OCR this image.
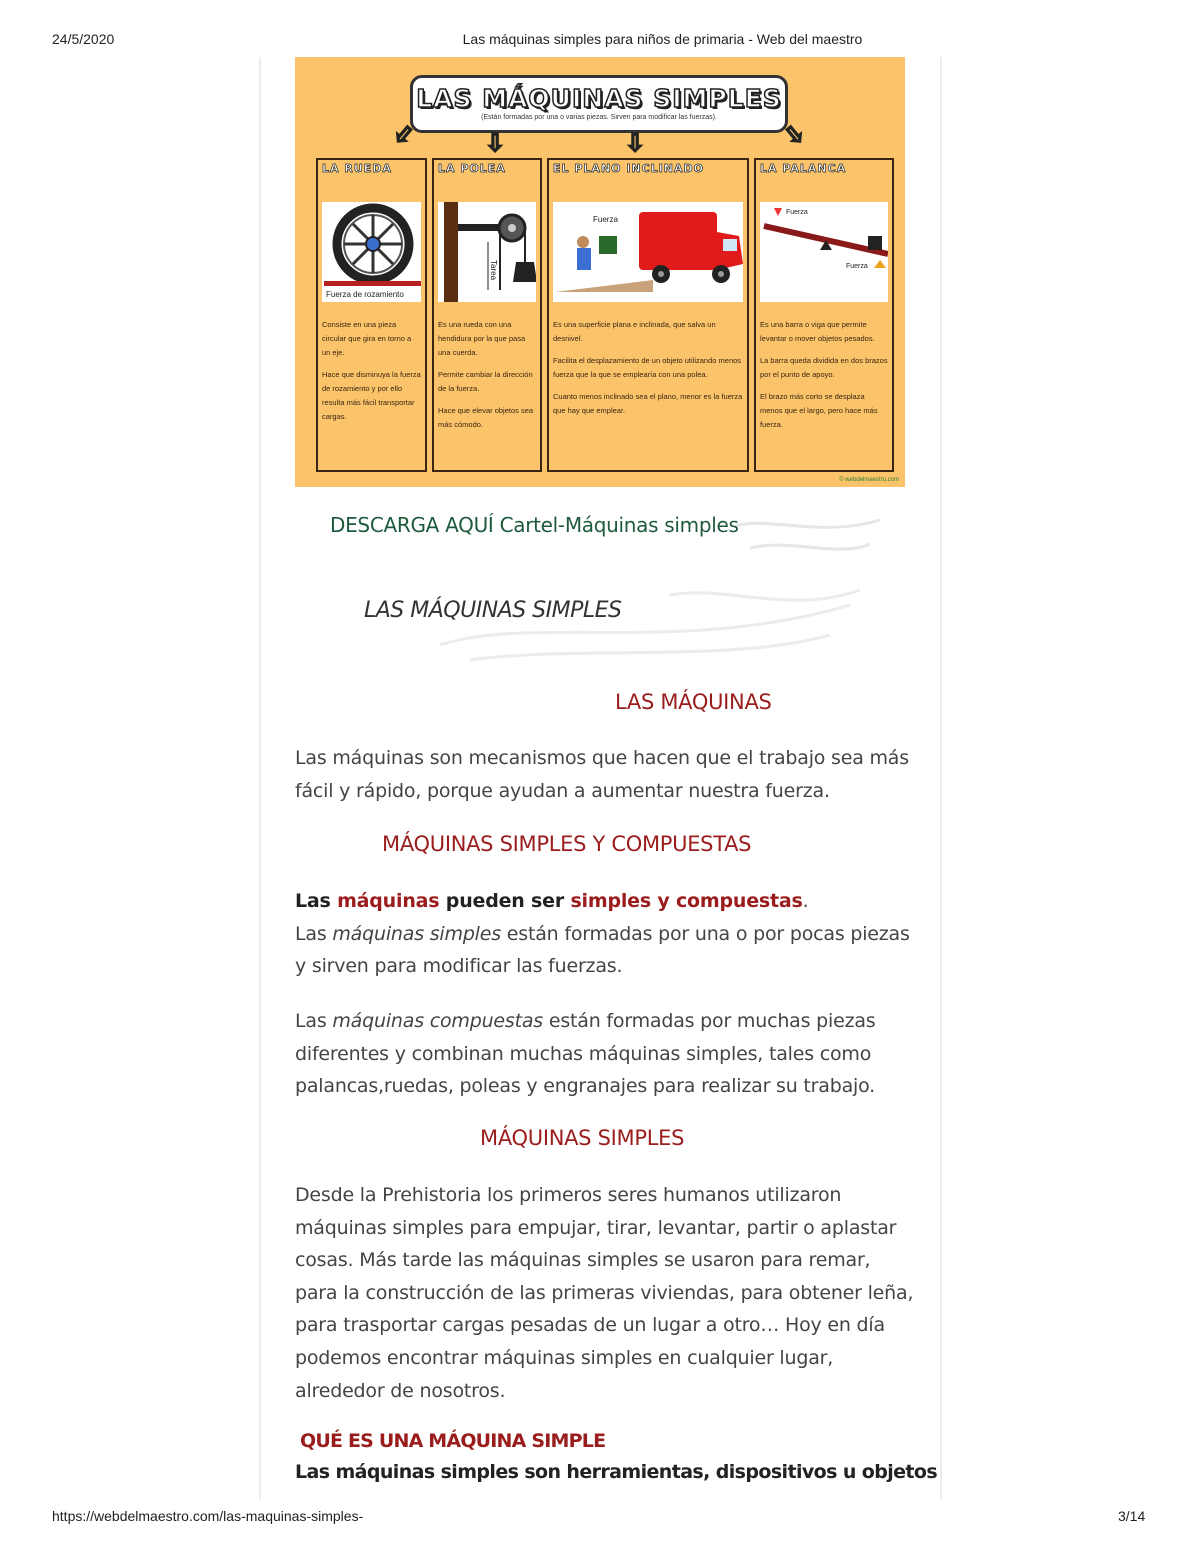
24/5/2020	Las máquinas simples para niños de primaria - Web del maestro
LAS MÁQUINAS SIMPLES
(Están formadas por una o varias piezas. Sirven para modificar las fuerzas).
⇩	⇩	⇩	⇩
LA RUEDA
Fuerza de rozamiento

Consiste en una pieza circular que gira en torno a un eje.

Hace que disminuya la fuerza de rozamiento y por ello resulta más fácil transportar cargas.

LA POLEA
Tarea

Es una rueda con una hendidura por la que pasa una cuerda.

Permite cambiar la dirección de la fuerza.

Hace que elevar objetos sea más cómodo.

EL PLANO INCLINADO
Fuerza

Es una superficie plana e inclinada, que salva un desnivel.

Facilita el desplazamiento de un objeto utilizando menos fuerza que la que se emplearía con una polea.

Cuanto menos inclinado sea el plano, menor es la fuerza que hay que emplear.

LA PALANCA
Fuerza
Fuerza

Es una barra o viga que permite levantar o mover objetos pesados.

La barra queda dividida en dos brazos por el punto de apoyo.

El brazo más corto se desplaza menos que el largo, pero hace más fuerza.

© webdelmaestro.com
DESCARGA AQUÍ Cartel-Máquinas simples
LAS MÁQUINAS SIMPLES
LAS MÁQUINAS
Las máquinas son mecanismos que hacen que el trabajo sea más fácil y rápido, porque ayudan a aumentar nuestra fuerza.
MÁQUINAS SIMPLES Y COMPUESTAS
Las máquinas pueden ser simples y compuestas.
Las máquinas simples están formadas por una o por pocas piezas y sirven para modificar las fuerzas.
Las máquinas compuestas están formadas por muchas piezas diferentes y combinan muchas máquinas simples, tales como palancas,ruedas, poleas y engranajes para realizar su trabajo.
MÁQUINAS SIMPLES
Desde la Prehistoria los primeros seres humanos utilizaron máquinas simples para empujar, tirar, levantar, partir o aplastar cosas. Más tarde las máquinas simples se usaron para remar, para la construcción de las primeras viviendas, para obtener leña, para trasportar cargas pesadas de un lugar a otro… Hoy en día podemos encontrar máquinas simples en cualquier lugar, alrededor de nosotros.
QUÉ ES UNA MÁQUINA SIMPLE
Las máquinas simples son herramientas, dispositivos u objetos
https://webdelmaestro.com/las-maquinas-simples-	3/14
